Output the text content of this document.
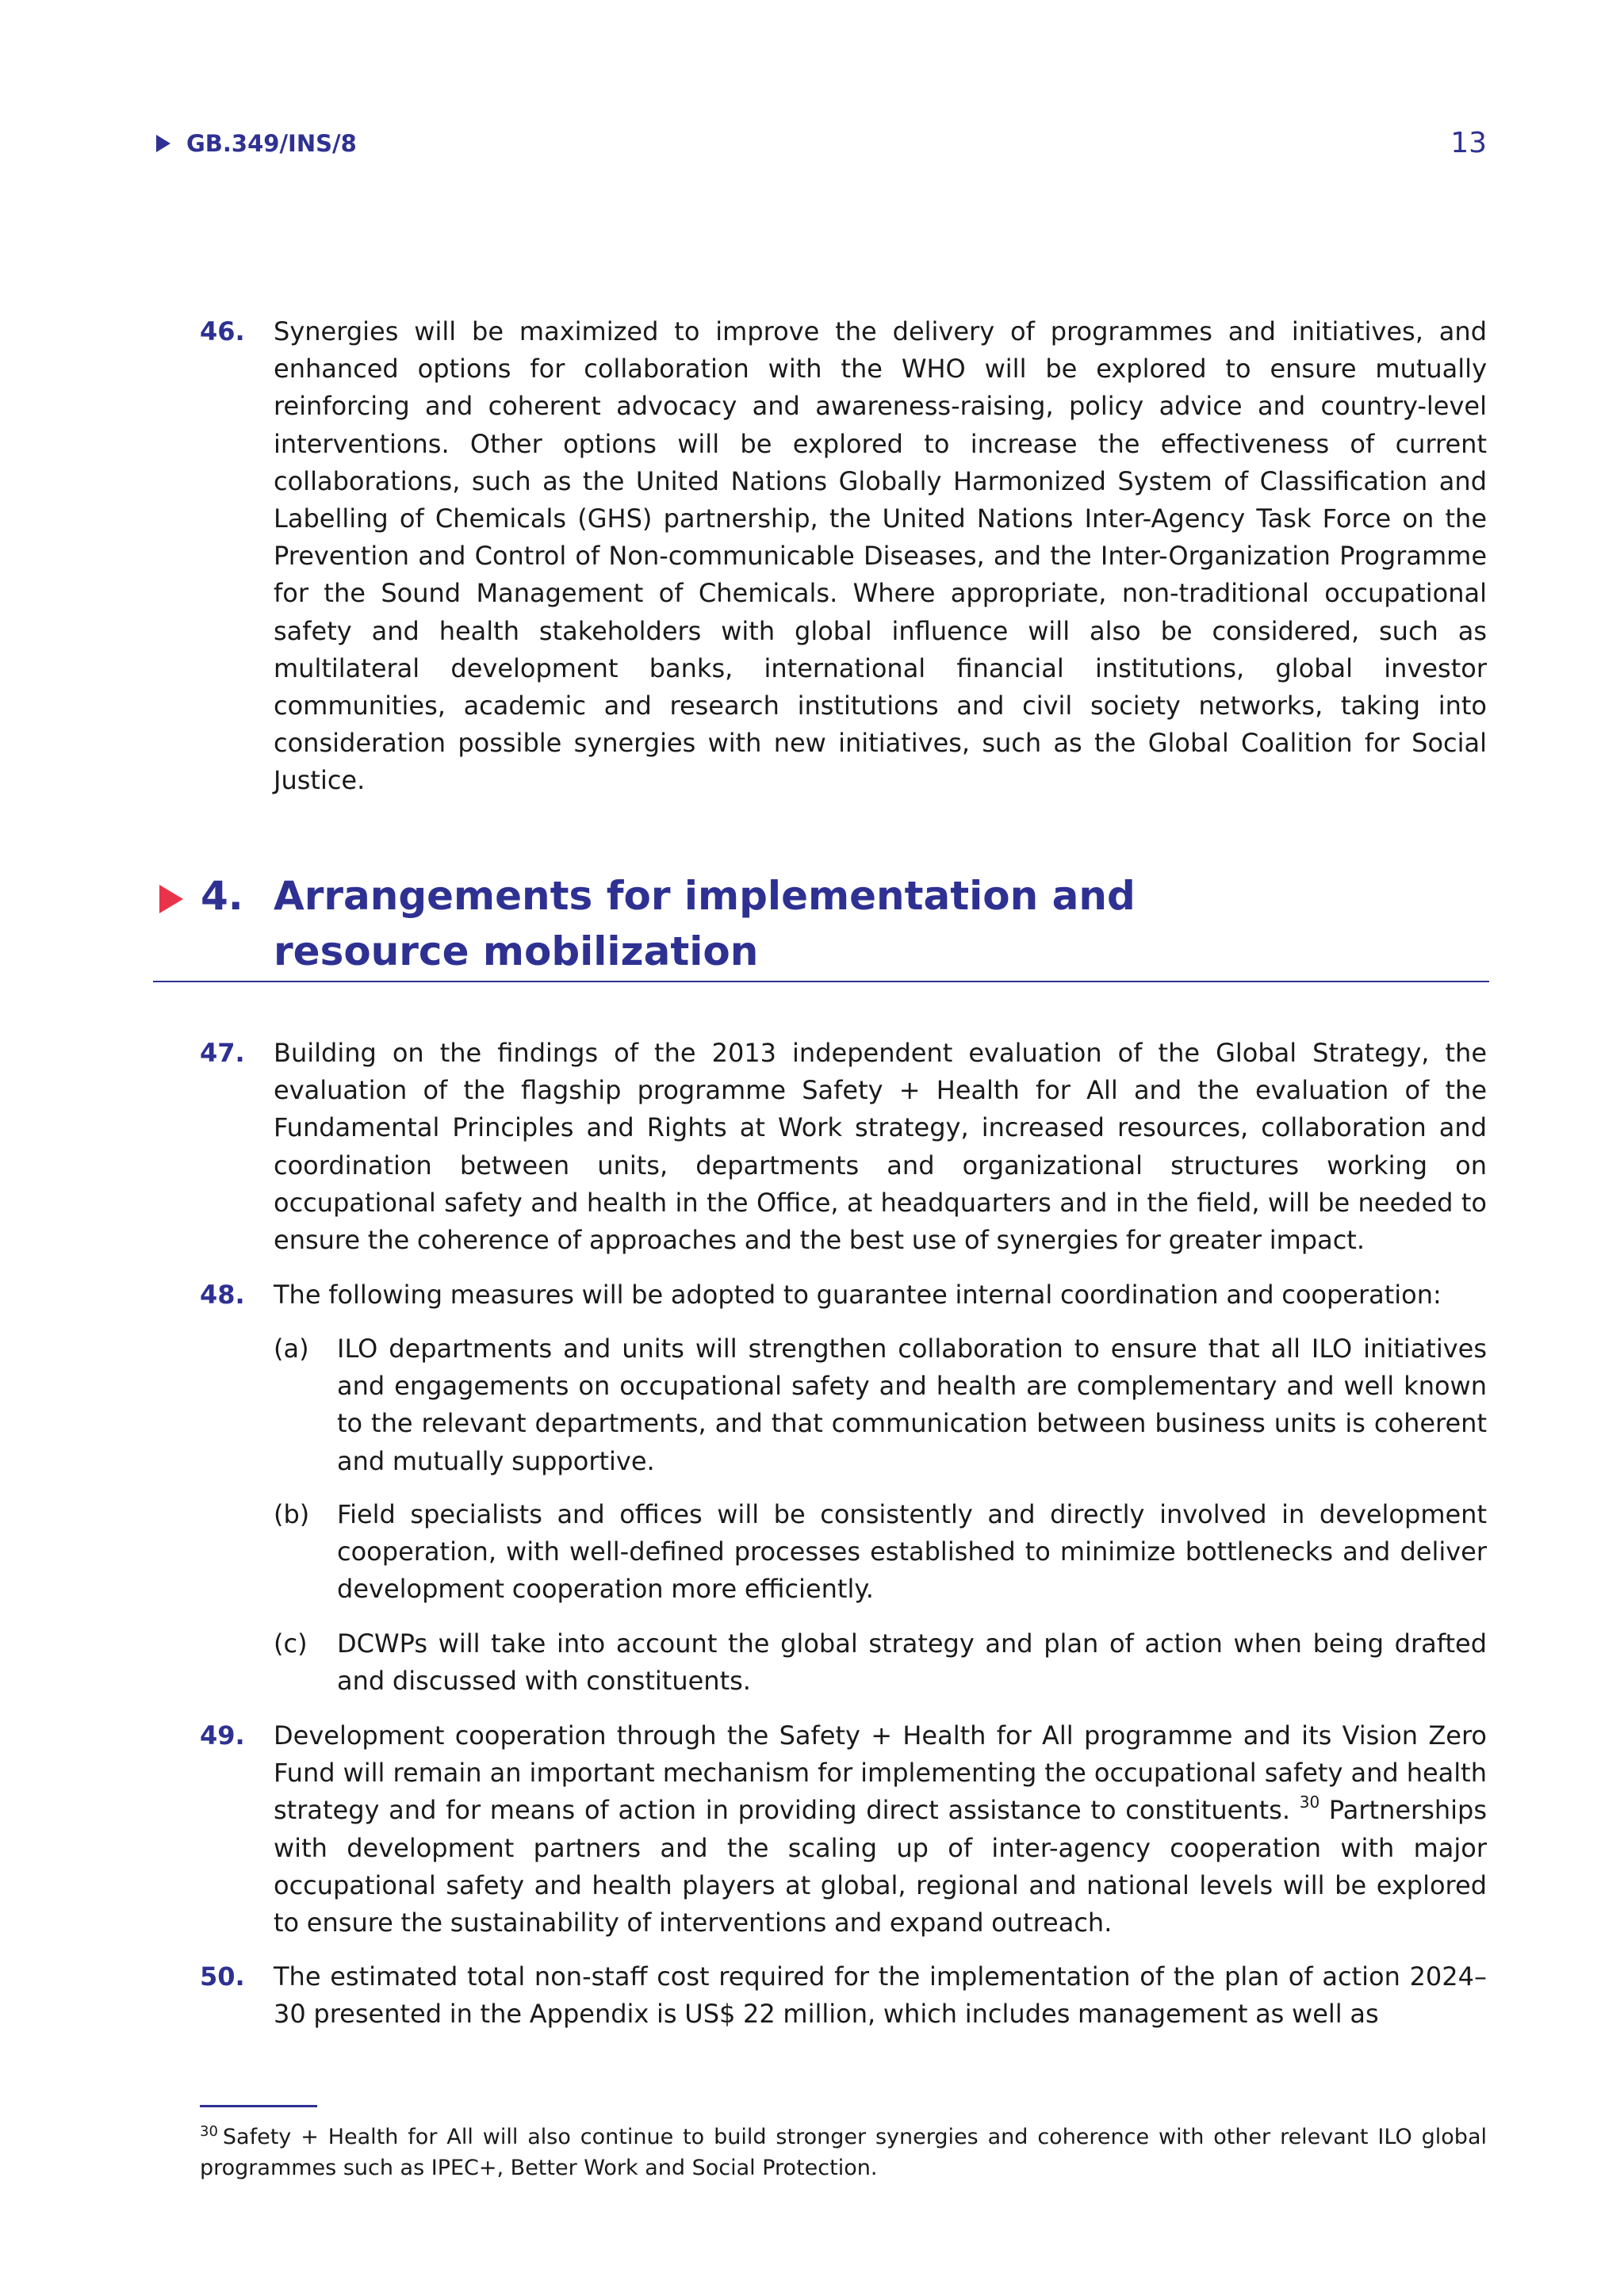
GB.349/INS/8	13
46. Synergies will be maximized to improve the delivery of programmes and initiatives, and enhanced options for collaboration with the WHO will be explored to ensure mutually reinforcing and coherent advocacy and awareness-raising, policy advice and country-level interventions. Other options will be explored to increase the effectiveness of current collaborations, such as the United Nations Globally Harmonized System of Classification and Labelling of Chemicals (GHS) partnership, the United Nations Inter-Agency Task Force on the Prevention and Control of Non-communicable Diseases, and the Inter-Organization Programme for the Sound Management of Chemicals. Where appropriate, non-traditional occupational safety and health stakeholders with global influence will also be considered, such as multilateral development banks, international financial institutions, global investor communities, academic and research institutions and civil society networks, taking into consideration possible synergies with new initiatives, such as the Global Coalition for Social Justice.
4. Arrangements for implementation and resource mobilization
47. Building on the findings of the 2013 independent evaluation of the Global Strategy, the evaluation of the flagship programme Safety + Health for All and the evaluation of the Fundamental Principles and Rights at Work strategy, increased resources, collaboration and coordination between units, departments and organizational structures working on occupational safety and health in the Office, at headquarters and in the field, will be needed to ensure the coherence of approaches and the best use of synergies for greater impact.
48. The following measures will be adopted to guarantee internal coordination and cooperation:
(a) ILO departments and units will strengthen collaboration to ensure that all ILO initiatives and engagements on occupational safety and health are complementary and well known to the relevant departments, and that communication between business units is coherent and mutually supportive.
(b) Field specialists and offices will be consistently and directly involved in development cooperation, with well-defined processes established to minimize bottlenecks and deliver development cooperation more efficiently.
(c) DCWPs will take into account the global strategy and plan of action when being drafted and discussed with constituents.
49. Development cooperation through the Safety + Health for All programme and its Vision Zero Fund will remain an important mechanism for implementing the occupational safety and health strategy and for means of action in providing direct assistance to constituents. $^{30}$ Partnerships with development partners and the scaling up of inter-agency cooperation with major occupational safety and health players at global, regional and national levels will be explored to ensure the sustainability of interventions and expand outreach.
50. The estimated total non-staff cost required for the implementation of the plan of action 2024–30 presented in the Appendix is US$ 22 million, which includes management as well as
$^{30}$ Safety + Health for All will also continue to build stronger synergies and coherence with other relevant ILO global programmes such as IPEC+, Better Work and Social Protection.
